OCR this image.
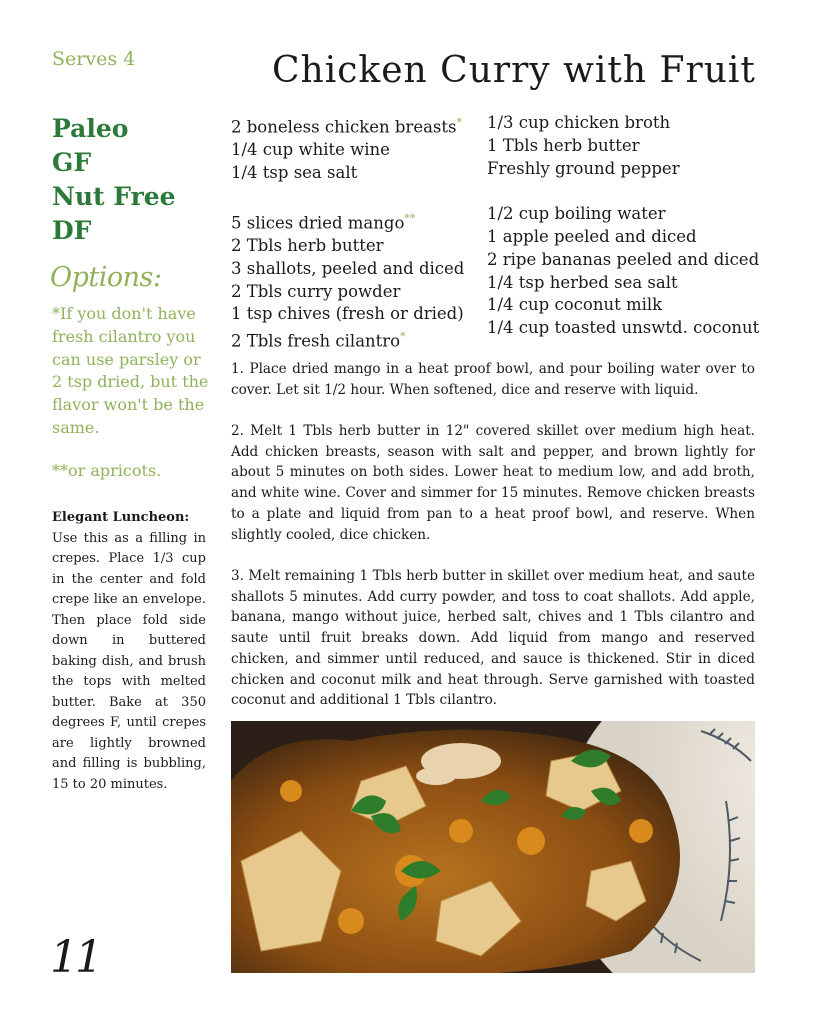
Serves 4
Paleo
GF
Nut Free
DF
Options:
*If you don't have fresh cilantro you can use parsley or 2 tsp dried, but the flavor won't be the same.
**or apricots.
Elegant Luncheon:
Use this as a filling in crepes. Place 1/3 cup in the center and fold crepe like an envelope. Then place fold side down in buttered baking dish, and brush the tops with melted butter. Bake at 350 degrees F, until crepes are lightly browned and filling is bubbling, 15 to 20 minutes.
11
Chicken Curry with Fruit
2 boneless chicken breasts*
1/4 cup white wine
1/4 tsp sea salt
5 slices dried mango**
2 Tbls herb butter
3 shallots, peeled and diced
2 Tbls curry powder
1 tsp chives (fresh or dried)
2 Tbls fresh cilantro*
1/3 cup chicken broth
1 Tbls herb butter
Freshly ground pepper
1/2 cup boiling water
1 apple peeled and diced
2 ripe bananas peeled and diced
1/4 tsp herbed sea salt
1/4 cup coconut milk
1/4 cup toasted unswtd. coconut
1. Place dried mango in a heat proof bowl, and pour boiling water over to cover. Let sit 1/2 hour. When softened, dice and reserve with liquid.
2. Melt 1 Tbls herb butter in 12" covered skillet over medium high heat. Add chicken breasts, season with salt and pepper, and brown lightly for about 5 minutes on both sides. Lower heat to medium low, and add broth, and white wine. Cover and simmer for 15 minutes. Remove chicken breasts to a plate and liquid from pan to a heat proof bowl, and reserve. When slightly cooled, dice chicken.
3. Melt remaining 1 Tbls herb butter in skillet over medium heat, and saute shallots 5 minutes. Add curry powder, and toss to coat shallots. Add apple, banana, mango without juice, herbed salt, chives and 1 Tbls cilantro and saute until fruit breaks down. Add liquid from mango and reserved chicken, and simmer until reduced, and sauce is thickened. Stir in diced chicken and coconut milk and heat through. Serve garnished with toasted coconut and additional 1 Tbls cilantro.
